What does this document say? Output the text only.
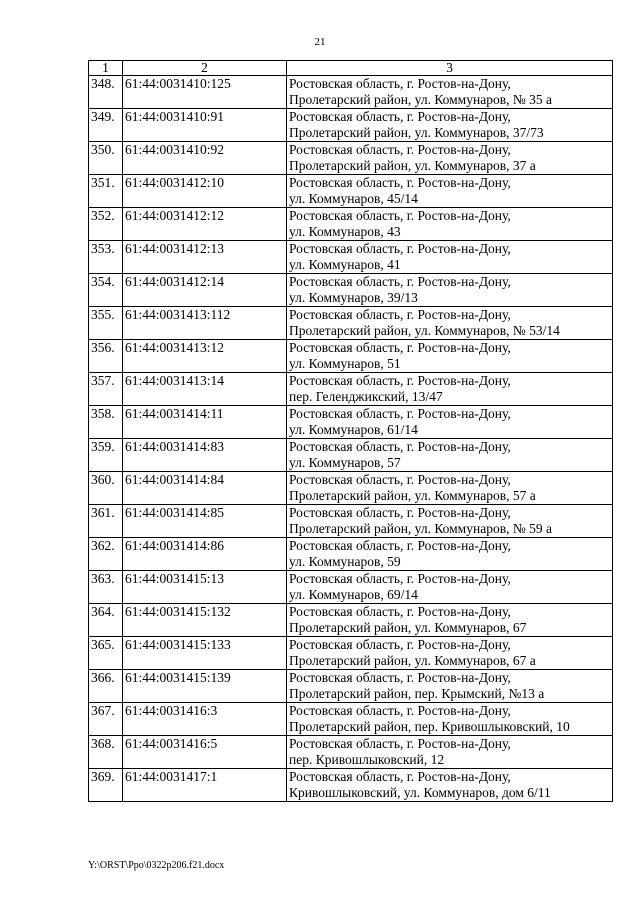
21
1	2	3
348.	61:44:0031410:125	Ростовская область, г. Ростов-на-Дону,
Пролетарский район, ул. Коммунаров, № 35 а

349.	61:44:0031410:91	Ростовская область, г. Ростов-на-Дону,
Пролетарский район, ул. Коммунаров, 37/73

350.	61:44:0031410:92	Ростовская область, г. Ростов-на-Дону,
Пролетарский район, ул. Коммунаров, 37 а

351.	61:44:0031412:10	Ростовская область, г. Ростов-на-Дону,
ул. Коммунаров, 45/14

352.	61:44:0031412:12	Ростовская область, г. Ростов-на-Дону,
ул. Коммунаров, 43

353.	61:44:0031412:13	Ростовская область, г. Ростов-на-Дону,
ул. Коммунаров, 41

354.	61:44:0031412:14	Ростовская область, г. Ростов-на-Дону,
ул. Коммунаров, 39/13

355.	61:44:0031413:112	Ростовская область, г. Ростов-на-Дону,
Пролетарский район, ул. Коммунаров, № 53/14

356.	61:44:0031413:12	Ростовская область, г. Ростов-на-Дону,
ул. Коммунаров, 51

357.	61:44:0031413:14	Ростовская область, г. Ростов-на-Дону,
пер. Геленджикский, 13/47

358.	61:44:0031414:11	Ростовская область, г. Ростов-на-Дону,
ул. Коммунаров, 61/14

359.	61:44:0031414:83	Ростовская область, г. Ростов-на-Дону,
ул. Коммунаров, 57

360.	61:44:0031414:84	Ростовская область, г. Ростов-на-Дону,
Пролетарский район, ул. Коммунаров, 57 а

361.	61:44:0031414:85	Ростовская область, г. Ростов-на-Дону,
Пролетарский район, ул. Коммунаров, № 59 а

362.	61:44:0031414:86	Ростовская область, г. Ростов-на-Дону,
ул. Коммунаров, 59

363.	61:44:0031415:13	Ростовская область, г. Ростов-на-Дону,
ул. Коммунаров, 69/14

364.	61:44:0031415:132	Ростовская область, г. Ростов-на-Дону,
Пролетарский район, ул. Коммунаров, 67

365.	61:44:0031415:133	Ростовская область, г. Ростов-на-Дону,
Пролетарский район, ул. Коммунаров, 67 а

366.	61:44:0031415:139	Ростовская область, г. Ростов-на-Дону,
Пролетарский район, пер. Крымский, №13 а

367.	61:44:0031416:3	Ростовская область, г. Ростов-на-Дону,
Пролетарский район, пер. Кривошлыковский, 10

368.	61:44:0031416:5	Ростовская область, г. Ростов-на-Дону,
пер. Кривошлыковский, 12

369.	61:44:0031417:1	Ростовская область, г. Ростов-на-Дону,
Кривошлыковский, ул. Коммунаров, дом 6/11
Y:\ORST\Ppo\0322p206.f21.docx
